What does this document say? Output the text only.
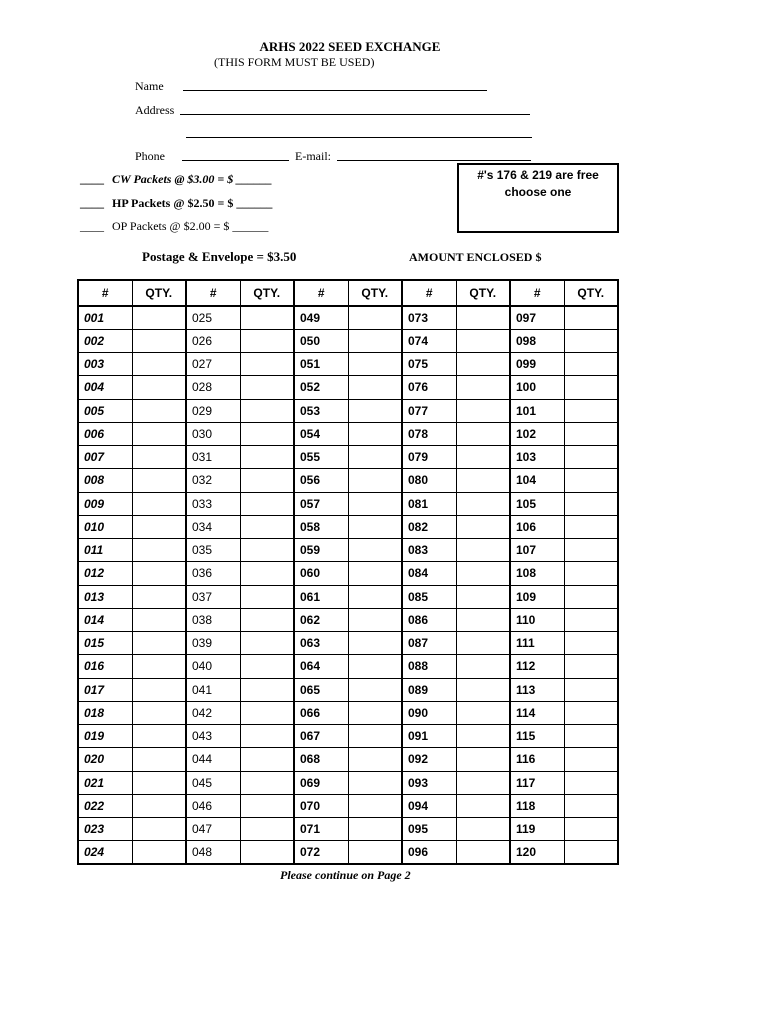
ARHS 2022 SEED EXCHANGE
(THIS FORM MUST BE USED)
Name
Address
Phone	E-mail:
____ CW Packets @ $3.00 = $ ______
____ HP Packets @ $2.50 = $ ______
____ OP Packets @ $2.00 = $ ______
#'s 176 & 219 are free choose one
Postage & Envelope = $3.50	AMOUNT ENCLOSED $
#	QTY.	#	QTY.	#	QTY.	#	QTY.	#	QTY.
001		025		049		073		097	
002		026		050		074		098	
003		027		051		075		099	
004		028		052		076		100	
005		029		053		077		101	
006		030		054		078		102	
007		031		055		079		103	
008		032		056		080		104	
009		033		057		081		105	
010		034		058		082		106	
011		035		059		083		107	
012		036		060		084		108	
013		037		061		085		109	
014		038		062		086		110	
015		039		063		087		111	
016		040		064		088		112	
017		041		065		089		113	
018		042		066		090		114	
019		043		067		091		115	
020		044		068		092		116	
021		045		069		093		117	
022		046		070		094		118	
023		047		071		095		119	
024		048		072		096		120	
Please continue on Page 2
